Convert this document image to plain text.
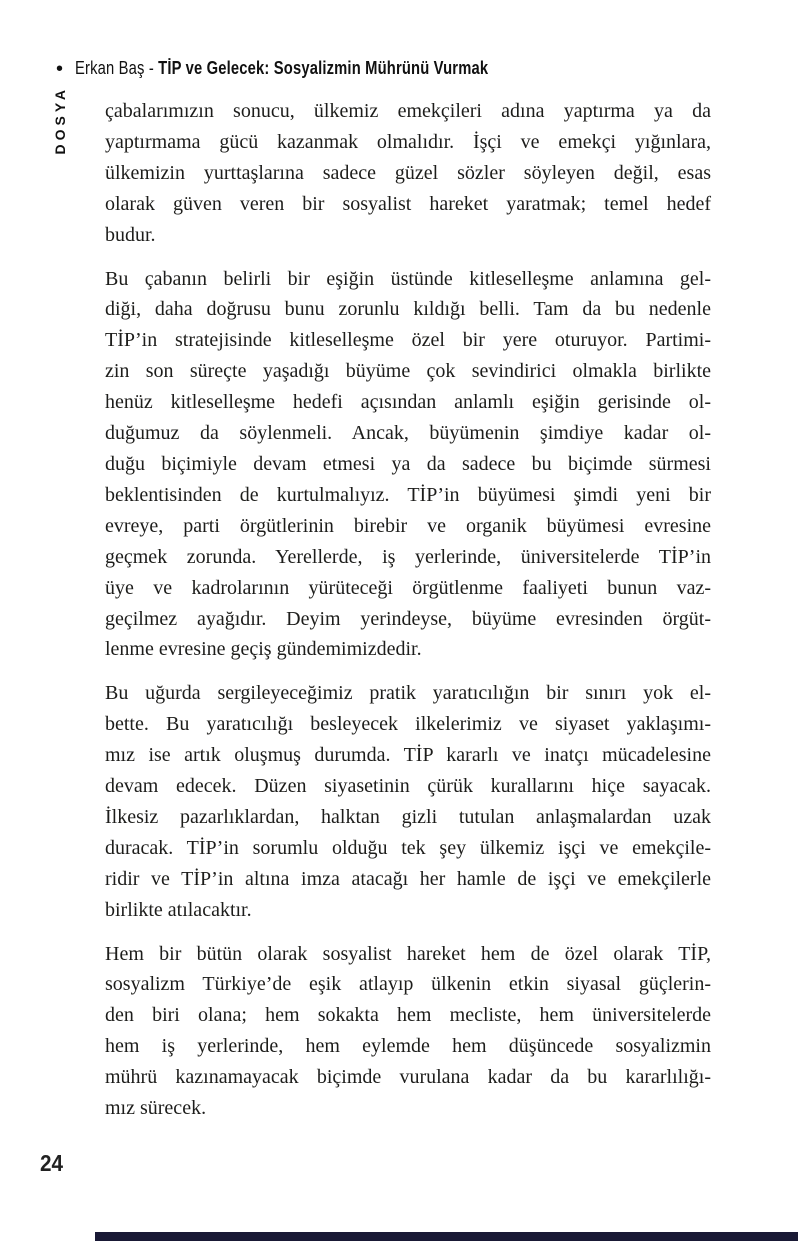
• Erkan Baş - TİP ve Gelecek: Sosyalizmin Mührünü Vurmak
DOSYA çabalarımızın sonucu, ülkemiz emekçileri adına yaptırma ya da
yaptırmama gücü kazanmak olmalıdır. İşçi ve emekçi yığınlara,
ülkemizin yurttaşlarına sadece güzel sözler söyleyen değil, esas
olarak güven veren bir sosyalist hareket yaratmak; temel hedef
budur.
Bu çabanın belirli bir eşiğin üstünde kitleselleşme anlamına gel-
diği, daha doğrusu bunu zorunlu kıldığı belli. Tam da bu nedenle
TİP’in stratejisinde kitleselleşme özel bir yere oturuyor. Partimi-
zin son süreçte yaşadığı büyüme çok sevindirici olmakla birlikte
henüz kitleselleşme hedefi açısından anlamlı eşiğin gerisinde ol-
duğumuz da söylenmeli. Ancak, büyümenin şimdiye kadar ol-
duğu biçimiyle devam etmesi ya da sadece bu biçimde sürmesi
beklentisinden de kurtulmalıyız. TİP’in büyümesi şimdi yeni bir
evreye, parti örgütlerinin birebir ve organik büyümesi evresine
geçmek zorunda. Yerellerde, iş yerlerinde, üniversitelerde TİP’in
üye ve kadrolarının yürüteceği örgütlenme faaliyeti bunun vaz-
geçilmez ayağıdır. Deyim yerindeyse, büyüme evresinden örgüt-
lenme evresine geçiş gündemimizdedir.
Bu uğurda sergileyeceğimiz pratik yaratıcılığın bir sınırı yok el-
bette. Bu yaratıcılığı besleyecek ilkelerimiz ve siyaset yaklaşımı-
mız ise artık oluşmuş durumda. TİP kararlı ve inatçı mücadelesine
devam edecek. Düzen siyasetinin çürük kurallarını hiçe sayacak.
İlkesiz pazarlıklardan, halktan gizli tutulan anlaşmalardan uzak
duracak. TİP’in sorumlu olduğu tek şey ülkemiz işçi ve emekçile-
ridir ve TİP’in altına imza atacağı her hamle de işçi ve emekçilerle
birlikte atılacaktır.
Hem bir bütün olarak sosyalist hareket hem de özel olarak TİP,
sosyalizm Türkiye’de eşik atlayıp ülkenin etkin siyasal güçlerin-
den biri olana; hem sokakta hem mecliste, hem üniversitelerde
hem iş yerlerinde, hem eylemde hem düşüncede sosyalizmin
mührü kazınamayacak biçimde vurulana kadar da bu kararlılığı-
mız sürecek.
24
